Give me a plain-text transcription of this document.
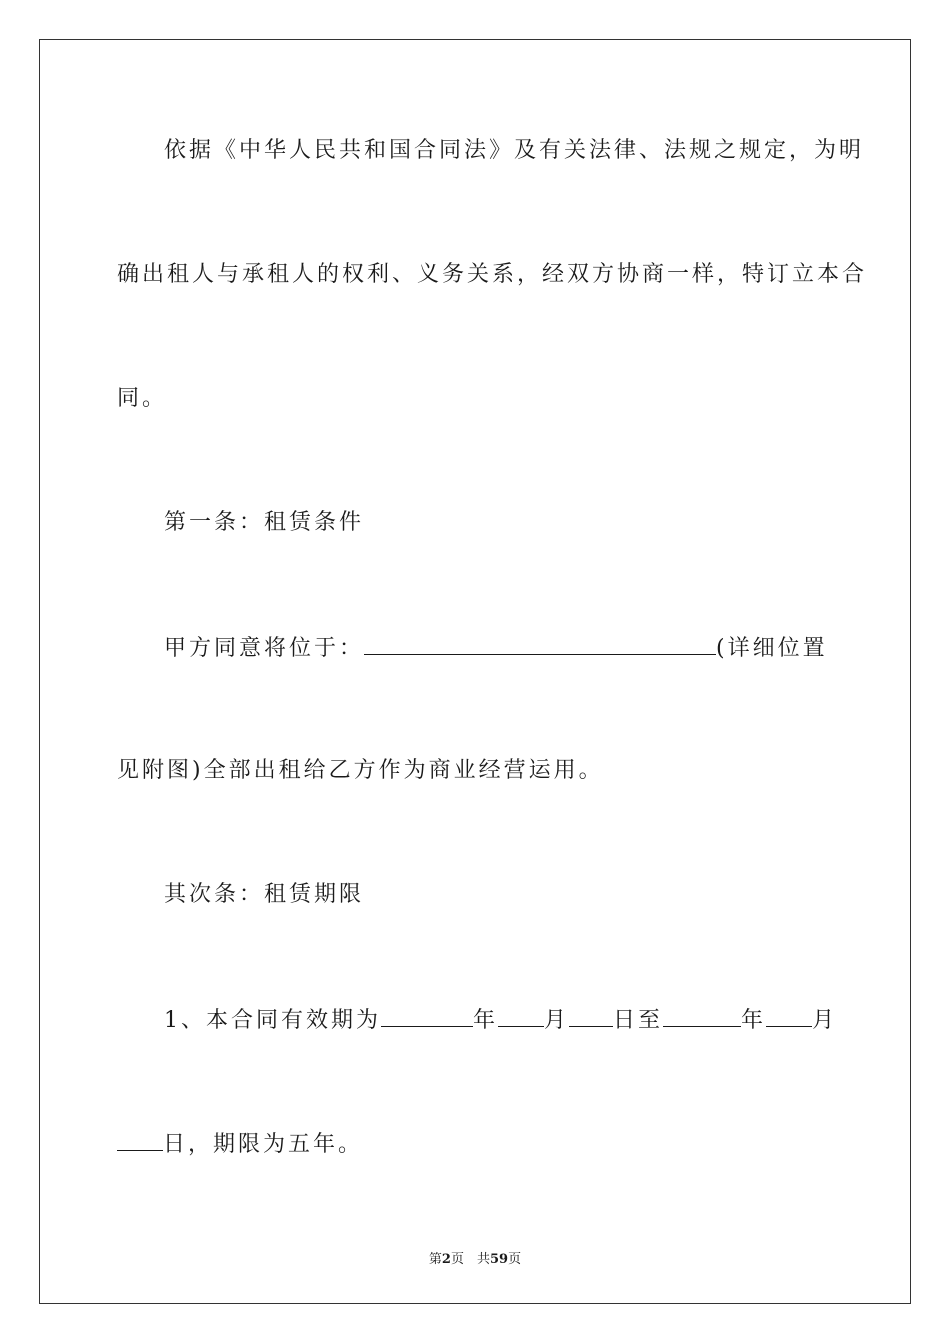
依据《中华人民共和国合同法》及有关法律、法规之规定，为明
确出租人与承租人的权利、义务关系，经双方协商一样，特订立本合
同。
第一条：租赁条件
甲方同意将位于：	(详细位置
见附图)全部出租给乙方作为商业经营运用。
其次条：租赁期限
1、本合同有效期为	年 月 日至	年 月
日，期限为五年。
第2页　共59页
